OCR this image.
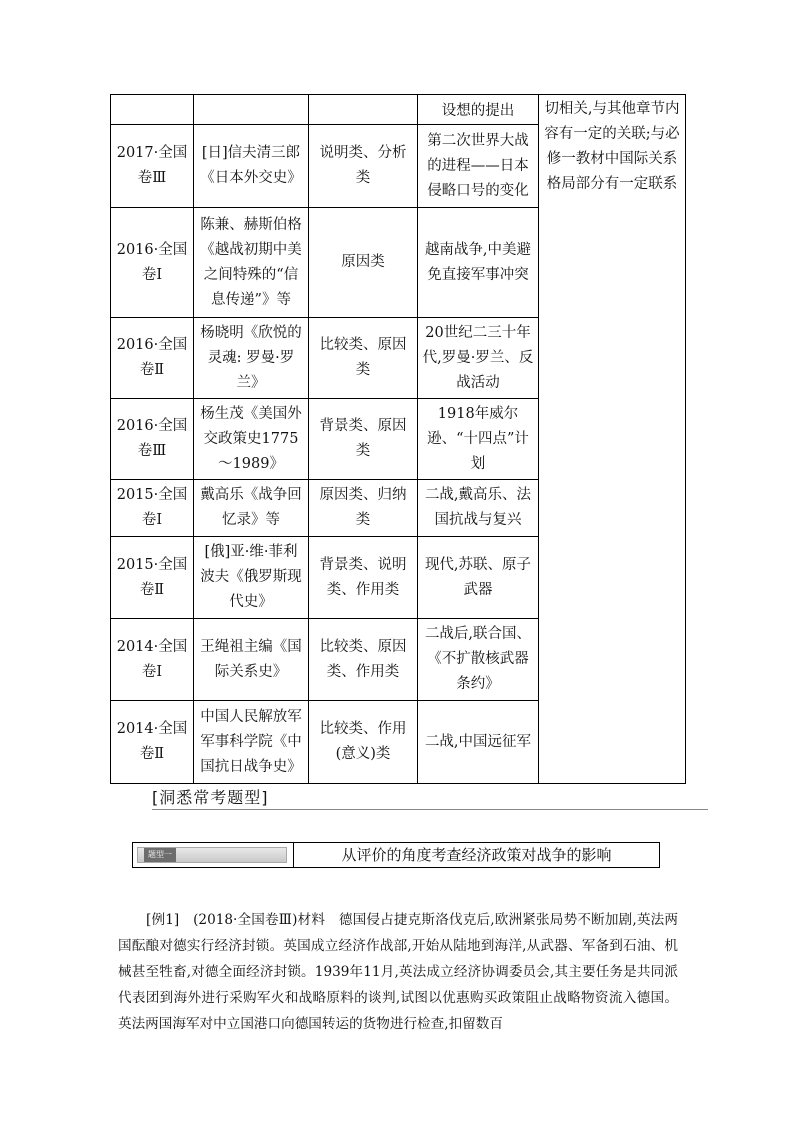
			设想的提出	切相关,与其他章节内容有一定的关联;与必修一教材中国际关系格局部分有一定联系
2017·全国卷Ⅲ	[日]信夫清三郎《日本外交史》	说明类、分析类	第二次世界大战的进程——日本侵略口号的变化	
2016·全国卷Ⅰ	陈兼、赫斯伯格《越战初期中美之间特殊的“信息传递”》等	原因类	越南战争,中美避免直接军事冲突	
2016·全国卷Ⅱ	杨晓明《欣悦的灵魂: 罗曼·罗兰》	比较类、原因类	20世纪二三十年代,罗曼·罗兰、反战活动	
2016·全国卷Ⅲ	杨生茂《美国外交政策史1775～1989》	背景类、原因类	1918年威尔逊、“十四点”计划	
2015·全国卷Ⅰ	戴高乐《战争回忆录》等	原因类、归纳类	二战,戴高乐、法国抗战与复兴	
2015·全国卷Ⅱ	[俄]亚·维·菲利波夫《俄罗斯现代史》	背景类、说明类、作用类	现代,苏联、原子武器	
2014·全国卷Ⅰ	王绳祖主编《国际关系史》	比较类、原因类、作用类	二战后,联合国、《不扩散核武器条约》	
2014·全国卷Ⅱ	中国人民解放军军事科学院《中国抗日战争史》	比较类、作用(意义)类	二战,中国远征军	
[洞悉常考题型]
题型一	从评价的角度考查经济政策对战争的影响

[例1]　(2018·全国卷Ⅲ)材料　德国侵占捷克斯洛伐克后,欧洲紧张局势不断加剧,英法两国酝酿对德实行经济封锁。英国成立经济作战部,开始从陆地到海洋,从武器、军备到石油、机械甚至牲畜,对德全面经济封锁。1939年11月,英法成立经济协调委员会,其主要任务是共同派代表团到海外进行采购军火和战略原料的谈判,试图以优惠购买政策阻止战略物资流入德国。英法两国海军对中立国港口向德国转运的货物进行检查,扣留数百
